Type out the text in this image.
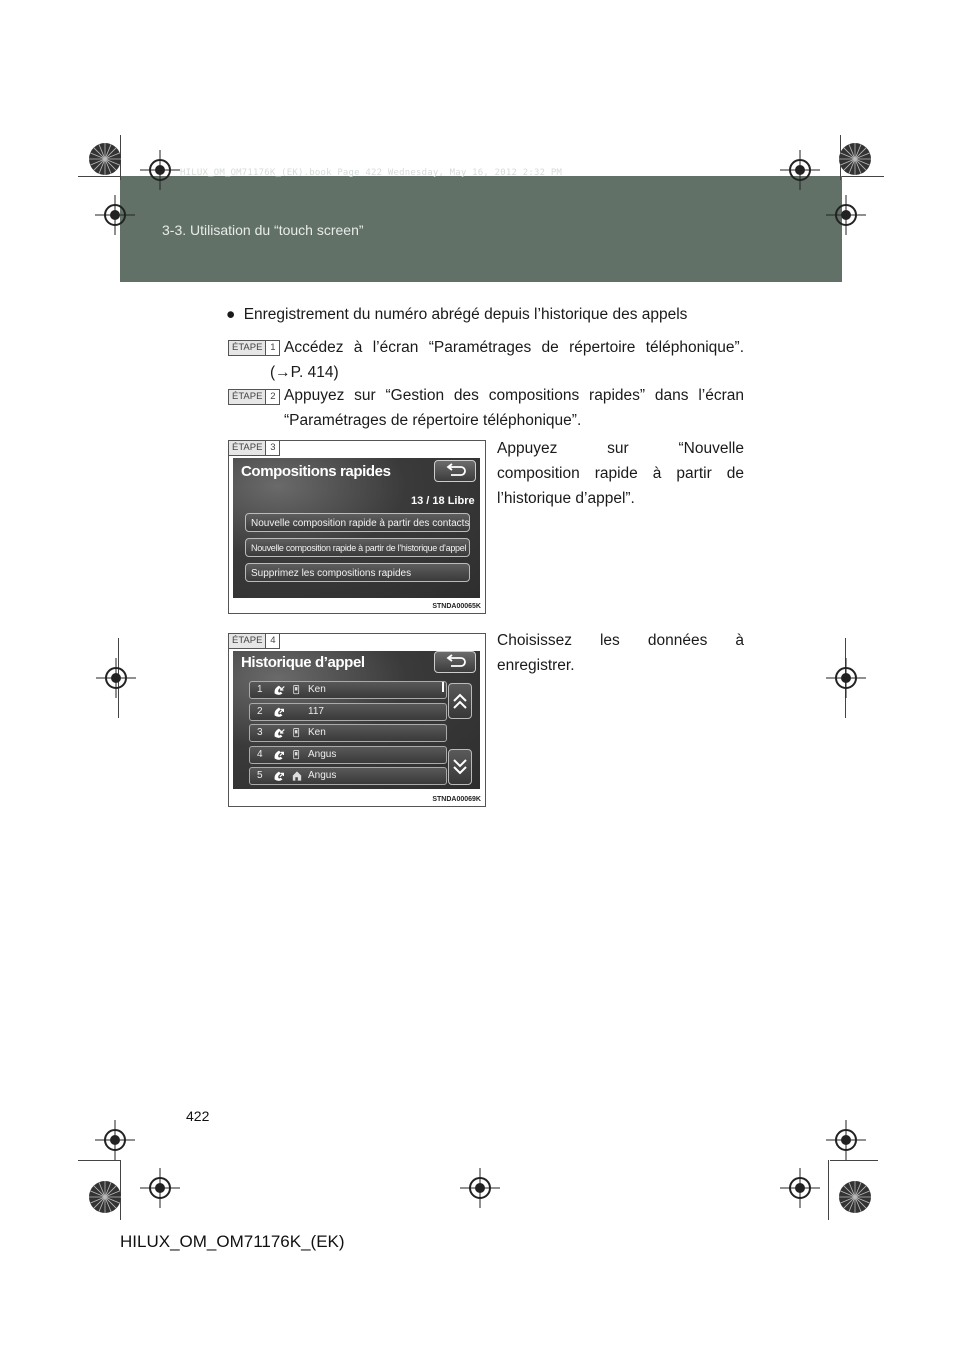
HILUX_OM_OM71176K_(EK).book Page 422 Wednesday, May 16, 2012 2:32 PM
3-3. Utilisation du “touch screen”
● Enregistrement du numéro abrégé depuis l’historique des appels
ÉTAPE 1 Accédez à l’écran “Paramétrages de répertoire téléphonique”.
(→P. 414)
ÉTAPE 2 Appuyez sur “Gestion des compositions rapides” dans l’écran
“Paramétrages de répertoire téléphonique”.
ÉTAPE 3
Compositions rapides
13 / 18 Libre
Nouvelle composition rapide à partir des contacts
Nouvelle composition rapide à partir de l’historique d’appel
Supprimez les compositions rapides
STNDA00065K
Appuyez sur “Nouvelle
composition rapide à partir de
l’historique d’appel”.
ÉTAPE 4
Historique d’appel
1	Ken
2	117
3	Ken
4	Angus
5	Angus
STNDA00069K
Choisissez les données à
enregistrer.
422
HILUX_OM_OM71176K_(EK)
